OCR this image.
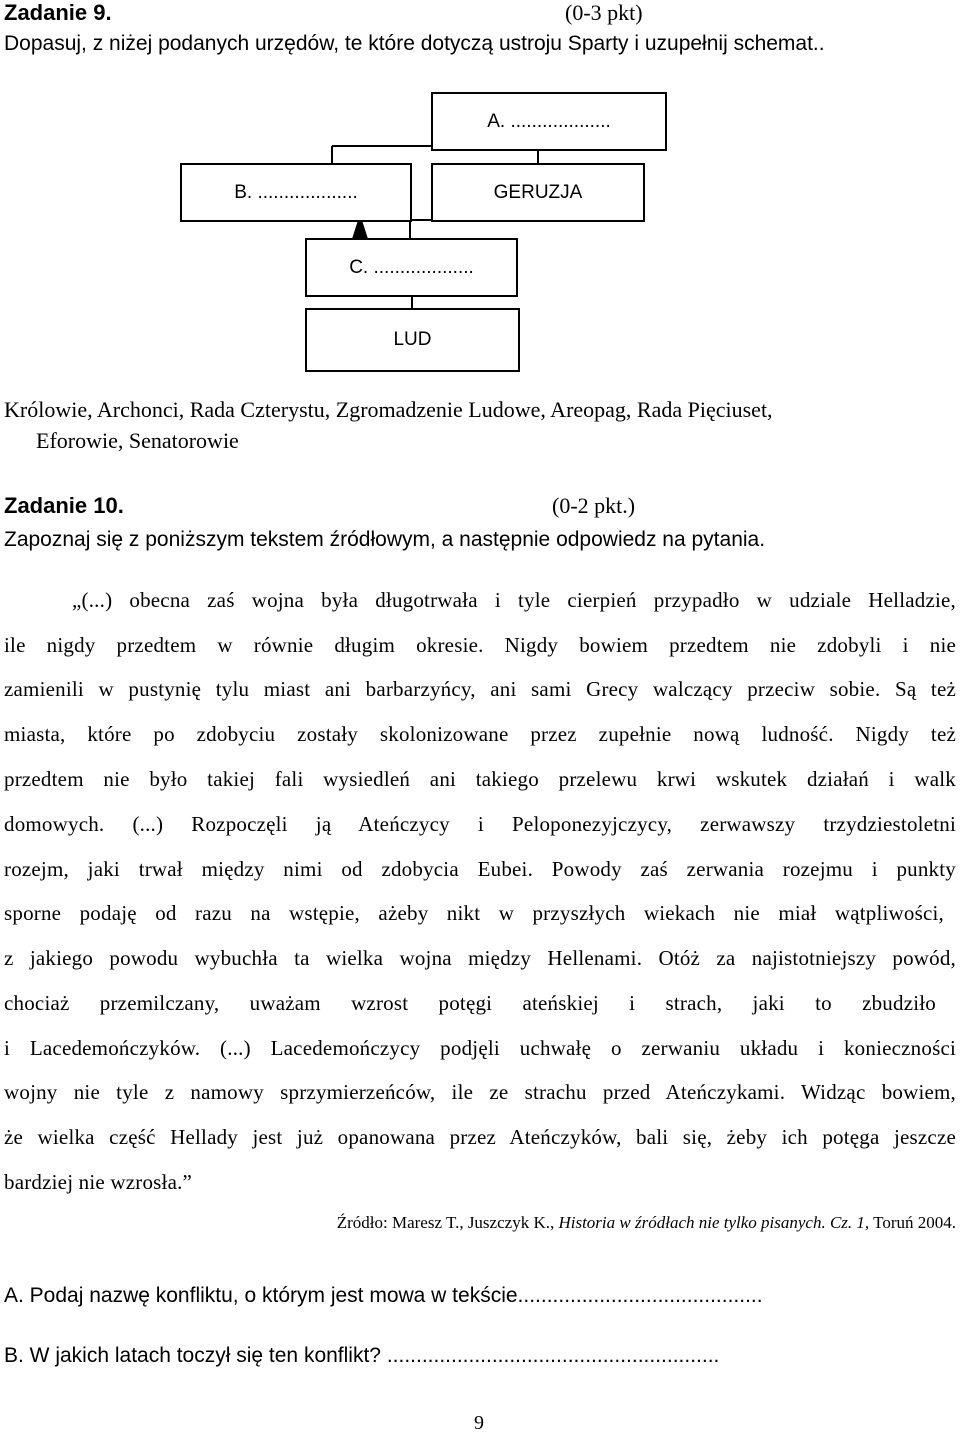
Zadanie 9.	(0-3 pkt)
Dopasuj, z niżej podanych urzędów, te które dotyczą ustroju Sparty i uzupełnij schemat..
A. ...................
B. ...................	GERUZJA
C. ...................
LUD
Królowie, Archonci, Rada Czterystu, Zgromadzenie Ludowe, Areopag, Rada Pięciuset,
Eforowie, Senatorowie
Zadanie 10.	(0-2 pkt.)
Zapoznaj się z poniższym tekstem źródłowym, a następnie odpowiedz na pytania.
„(...) obecna zaś wojna była długotrwała i tyle cierpień przypadło w udziale Helladzie,
ile nigdy przedtem w równie długim okresie. Nigdy bowiem przedtem nie zdobyli i nie
zamienili w pustynię tylu miast ani barbarzyńcy, ani sami Grecy walczący przeciw sobie. Są też
miasta, które po zdobyciu zostały skolonizowane przez zupełnie nową ludność. Nigdy też
przedtem nie było takiej fali wysiedleń ani takiego przelewu krwi wskutek działań i walk
domowych. (...) Rozpoczęli ją Ateńczycy i Peloponezyjczycy, zerwawszy trzydziestoletni
rozejm, jaki trwał między nimi od zdobycia Eubei. Powody zaś zerwania rozejmu i punkty
sporne podaję od razu na wstępie, ażeby nikt w przyszłych wiekach nie miał wątpliwości,
z jakiego powodu wybuchła ta wielka wojna między Hellenami. Otóż za najistotniejszy powód,
chociaż przemilczany, uważam wzrost potęgi ateńskiej i strach, jaki to zbudziło
i Lacedemończyków. (...) Lacedemończycy podjęli uchwałę o zerwaniu układu i konieczności
wojny nie tyle z namowy sprzymierzeńców, ile ze strachu przed Ateńczykami. Widząc bowiem,
że wielka część Hellady jest już opanowana przez Ateńczyków, bali się, żeby ich potęga jeszcze
bardziej nie wzrosła.”
Źródło: Maresz T., Juszczyk K., Historia w źródłach nie tylko pisanych. Cz. 1, Toruń 2004.
A. Podaj nazwę konfliktu, o którym jest mowa w tekście..........................................
B. W jakich latach toczył się ten konflikt? .........................................................
9
